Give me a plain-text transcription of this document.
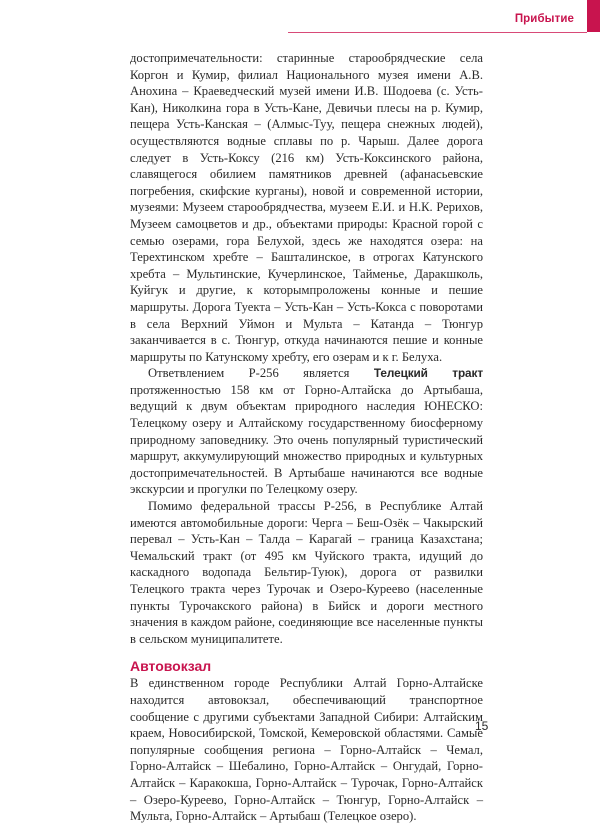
Прибытие

достопримечательности: старинные старообрядческие села Коргон и Кумир, филиал Национального музея имени А.В. Анохина – Краеведческий музей имени И.В. Шодоева (с. Усть-Кан), Николкина гора в Усть-Кане, Девичьи плесы на р. Кумир, пещера Усть-Канская – (Алмыс-Туу, пещера снежных людей), осуществляются водные сплавы по р. Чарыш. Далее дорога следует в Усть-Коксу (216 км) Усть-Коксинского района, славящегося обилием памятников древней (афанасьевские погребения, скифские курганы), новой и современной истории, музеями: Музеем старообрядчества, музеем Е.И. и Н.К. Рерихов, Музеем самоцветов и др., объектами природы: Красной горой с семью озерами, гора Белухой, здесь же находятся озера: на Терехтинском хребте – Башталинское, в отрогах Катунского хребта – Мультинские, Кучерлинское, Тайменье, Даракшколь, Куйгук и другие, к которымпроложены конные и пешие маршруты. Дорога Туекта – Усть-Кан – Усть-Кокса с поворотами в села Верхний Уймон и Мульта – Катанда – Тюнгур заканчивается в с. Тюнгур, откуда начинаются пешие и конные маршруты по Катунскому хребту, его озерам и к г. Белуха.

Ответвлением Р-256 является Телецкий тракт протяженностью 158 км от Горно-Алтайска до Артыбаша, ведущий к двум объектам природного наследия ЮНЕСКО: Телецкому озеру и Алтайскому государственному биосферному природному заповеднику. Это очень популярный туристический маршрут, аккумулирующий множество природных и культурных достопримечательностей. В Артыбаше начинаются все водные экскурсии и прогулки по Телецкому озеру.

Помимо федеральной трассы Р-256, в Республике Алтай имеются автомобильные дороги: Черга – Беш-Озёк – Чакырский перевал – Усть-Кан – Талда – Карагай – граница Казахстана; Чемальский тракт (от 495 км Чуйского тракта, идущий до каскадного водопада Бельтир-Туюк), дорога от развилки Телецкого тракта через Турочак и Озеро-Куреево (населенные пункты Турочакского района) в Бийск и дороги местного значения в каждом районе, соединяющие все населенные пункты в сельском муниципалитете.

Автовокзал

В единственном городе Республики Алтай Горно-Алтайске находится автовокзал, обеспечивающий транспортное сообщение с другими субъектами Западной Сибири: Алтайским краем, Новосибирской, Томской, Кемеровской областями. Самые популярные сообщения региона – Горно-Алтайск – Чемал, Горно-Алтайск – Шебалино, Горно-Алтайск – Онгудай, Горно-Алтайск – Каракокша, Горно-Алтайск – Турочак, Горно-Алтайск – Озеро-Куреево, Горно-Алтайск – Тюнгур, Горно-Алтайск – Мульта, Горно-Алтайск – Артыбаш (Телецкое озеро).

15
